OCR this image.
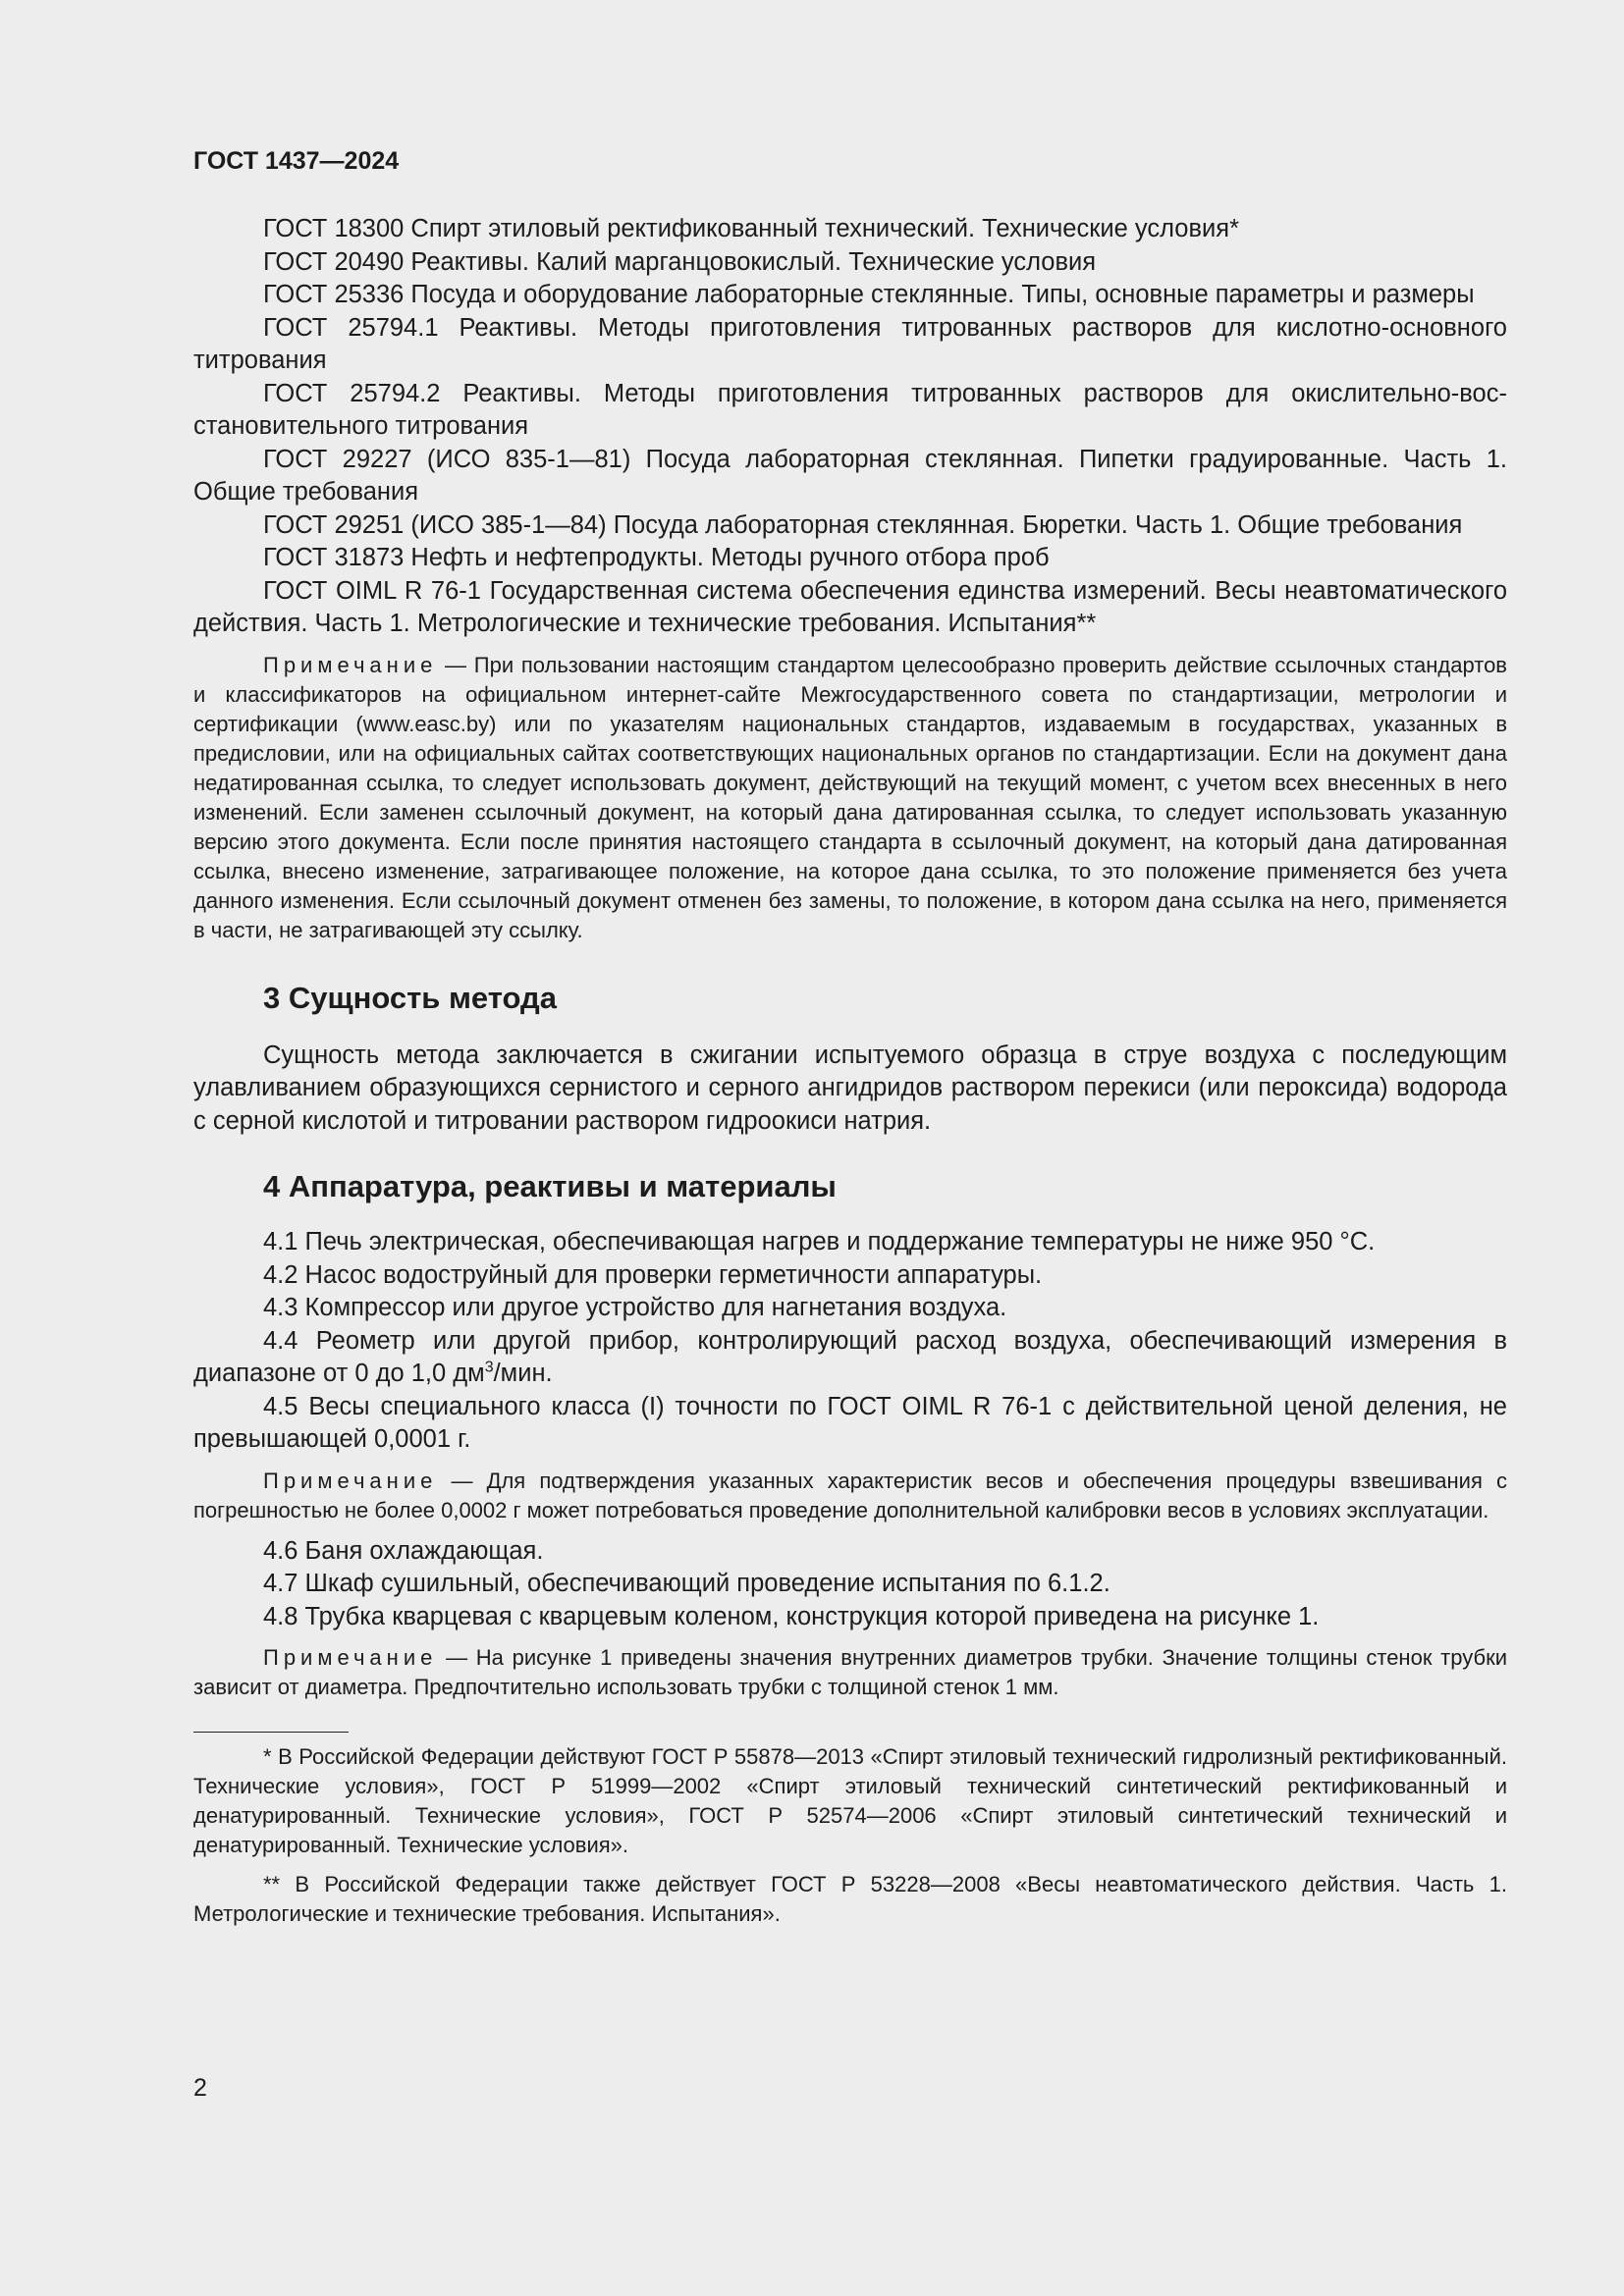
ГОСТ 1437—2024

ГОСТ 18300 Спирт этиловый ректификованный технический. Технические условия*

ГОСТ 20490 Реактивы. Калий марганцовокислый. Технические условия

ГОСТ 25336 Посуда и оборудование лабораторные стеклянные. Типы, основные параметры и размеры

ГОСТ 25794.1 Реактивы. Методы приготовления титрованных растворов для кислотно-основного титрования

ГОСТ 25794.2 Реактивы. Методы приготовления титрованных растворов для окислительно-восстановительного титрования

ГОСТ 29227 (ИСО 835-1—81) Посуда лабораторная стеклянная. Пипетки градуированные. Часть 1. Общие требования

ГОСТ 29251 (ИСО 385-1—84) Посуда лабораторная стеклянная. Бюретки. Часть 1. Общие требования

ГОСТ 31873 Нефть и нефтепродукты. Методы ручного отбора проб

ГОСТ OIML R 76-1 Государственная система обеспечения единства измерений. Весы неавтоматического действия. Часть 1. Метрологические и технические требования. Испытания**

Примечание — При пользовании настоящим стандартом целесообразно проверить действие ссылочных стандартов и классификаторов на официальном интернет-сайте Межгосударственного совета по стандартизации, метрологии и сертификации (www.easc.by) или по указателям национальных стандартов, издаваемым в государствах, указанных в предисловии, или на официальных сайтах соответствующих национальных органов по стандартизации. Если на документ дана недатированная ссылка, то следует использовать документ, действующий на текущий момент, с учетом всех внесенных в него изменений. Если заменен ссылочный документ, на который дана датированная ссылка, то следует использовать указанную версию этого документа. Если после принятия настоящего стандарта в ссылочный документ, на который дана датированная ссылка, внесено изменение, затрагивающее положение, на которое дана ссылка, то это положение применяется без учета данного изменения. Если ссылочный документ отменен без замены, то положение, в котором дана ссылка на него, применяется в части, не затрагивающей эту ссылку.

3 Сущность метода

Сущность метода заключается в сжигании испытуемого образца в струе воздуха с последующим улавливанием образующихся сернистого и серного ангидридов раствором перекиси (или пероксида) водорода с серной кислотой и титровании раствором гидроокиси натрия.

4 Аппаратура, реактивы и материалы

4.1 Печь электрическая, обеспечивающая нагрев и поддержание температуры не ниже 950 °С.

4.2 Насос водоструйный для проверки герметичности аппаратуры.

4.3 Компрессор или другое устройство для нагнетания воздуха.

4.4 Реометр или другой прибор, контролирующий расход воздуха, обеспечивающий измерения в диапазоне от 0 до 1,0 $дм^3$/мин.

4.5 Весы специального класса (I) точности по ГОСТ OIML R 76-1 с действительной ценой деления, не превышающей 0,0001 г.

Примечание — Для подтверждения указанных характеристик весов и обеспечения процедуры взвешивания с погрешностью не более 0,0002 г может потребоваться проведение дополнительной калибровки весов в условиях эксплуатации.

4.6 Баня охлаждающая.

4.7 Шкаф сушильный, обеспечивающий проведение испытания по 6.1.2.

4.8 Трубка кварцевая с кварцевым коленом, конструкция которой приведена на рисунке 1.

Примечание — На рисунке 1 приведены значения внутренних диаметров трубки. Значение толщины стенок трубки зависит от диаметра. Предпочтительно использовать трубки с толщиной стенок 1 мм.

* В Российской Федерации действуют ГОСТ Р 55878—2013 «Спирт этиловый технический гидролизный ректификованный. Технические условия», ГОСТ Р 51999—2002 «Спирт этиловый технический синтетический ректификованный и денатурированный. Технические условия», ГОСТ Р 52574—2006 «Спирт этиловый синтетический технический и денатурированный. Технические условия».

** В Российской Федерации также действует ГОСТ Р 53228—2008 «Весы неавтоматического действия. Часть 1. Метрологические и технические требования. Испытания».

2
